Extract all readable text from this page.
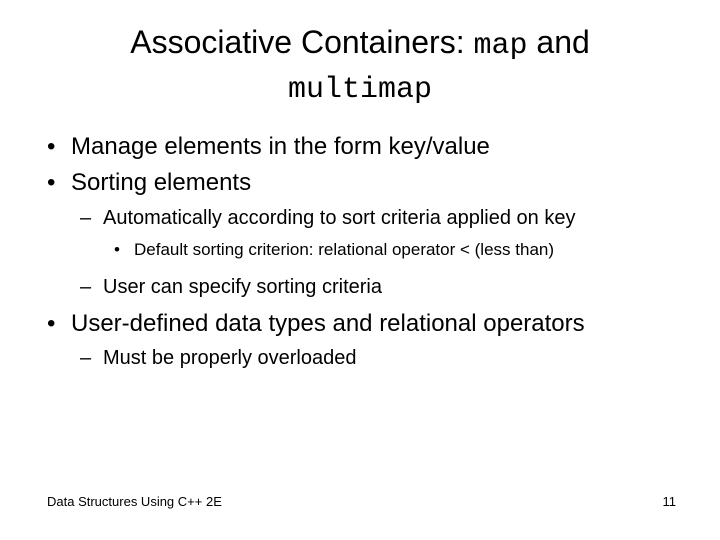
Associative Containers: map and
multimap
• Manage elements in the form key/value
• Sorting elements
– Automatically according to sort criteria applied on key
• Default sorting criterion: relational operator < (less than)
– User can specify sorting criteria
• User-defined data types and relational operators
– Must be properly overloaded
Data Structures Using C++ 2E	11
